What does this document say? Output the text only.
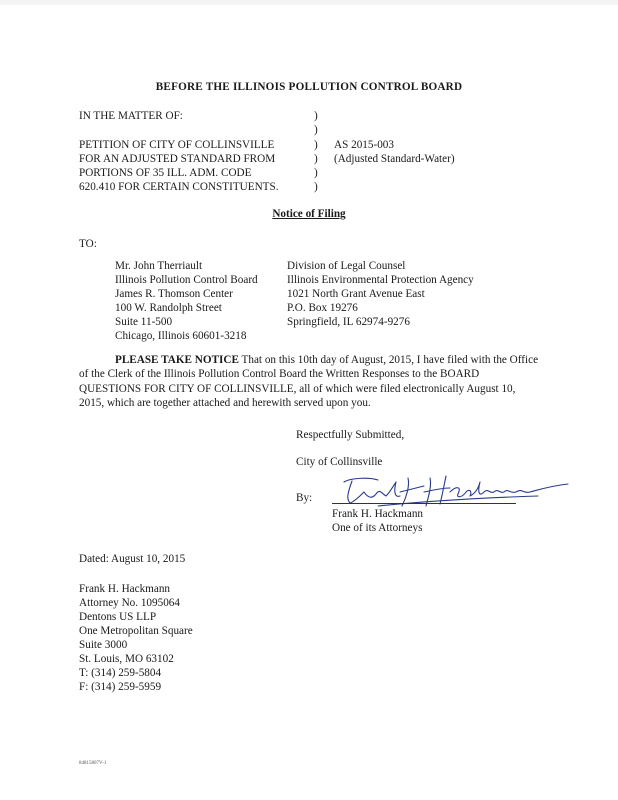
BEFORE THE ILLINOIS POLLUTION CONTROL BOARD
IN THE MATTER OF:
PETITION OF CITY OF COLLINSVILLE
FOR AN ADJUSTED STANDARD FROM
PORTIONS OF 35 ILL. ADM. CODE
620.410 FOR CERTAIN CONSTITUENTS.
)
)
)
)
)
)
AS 2015-003
(Adjusted Standard-Water)
Notice of Filing
TO:
Mr. John Therriault
Illinois Pollution Control Board
James R. Thomson Center
100 W. Randolph Street
Suite 11-500
Chicago, Illinois 60601-3218
Division of Legal Counsel
Illinois Environmental Protection Agency
1021 North Grant Avenue East
P.O. Box 19276
Springfield, IL 62974-9276
PLEASE TAKE NOTICE That on this 10th day of August, 2015, I have filed with the Office of the Clerk of the Illinois Pollution Control Board the Written Responses to the BOARD QUESTIONS FOR CITY OF COLLINSVILLE, all of which were filed electronically August 10, 2015, which are together attached and herewith served upon you.
Respectfully Submitted,
City of Collinsville
By:
Frank H. Hackmann
One of its Attorneys
Dated: August 10, 2015
Frank H. Hackmann
Attorney No. 1095064
Dentons US LLP
One Metropolitan Square
Suite 3000
St. Louis, MO 63102
T: (314) 259-5804
F: (314) 259-5959
84815807V-1
